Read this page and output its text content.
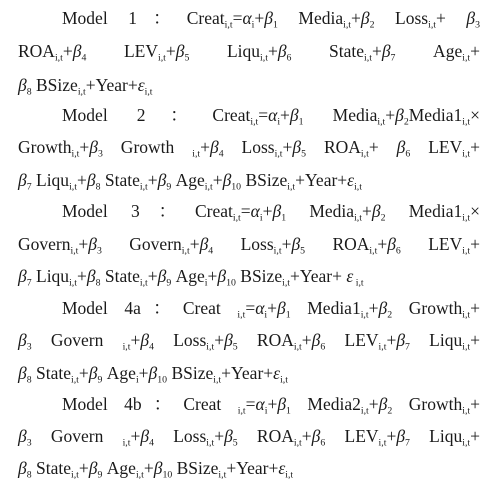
Model 1：$Creat_{i,t}=\alpha_i+\beta_1$ $Media_{i,t}+\beta_2$ Loss$_{i,t}$+ $\beta_3$
$ROA_{i,t}+\beta_4$ $LEV_{i,t}+\beta_5$ $Liqu_{i,t}+\beta_6$ $State_{i,t}+\beta_7$ Age$_{i,t}$+
$\beta_8$ $BSize_{i,t}+Year+\varepsilon_{i,t}$
Model 2：$Creat_{i,t}=\alpha_i+\beta_1$ $Media_{i,t}+\beta_2Media1_{i,t}\times$
$Growth_{i,t}+\beta_3$ Growth $_{i,t}+\beta_4$ $Loss_{i,t}+\beta_5$ $ROA_{i,t}+ \beta_6$ $LEV_{i,t}+$
$\beta_7$ $Liqu_{i,t}+\beta_8$ $State_{i,t}+\beta_9$ $Age_{i,t}+\beta_{10}$ $BSize_{i,t}+Year+\varepsilon_{i,t}$
Model 3：$Creat_{i,t}=\alpha_i+\beta_1$ $Media_{i,t}+\beta_2$ $Media1_{i,t}\times$
$Govern_{i,t}+\beta_3$ $Govern_{i,t}+\beta_4$ $Loss_{i,t}+\beta_5$ $ROA_{i,t}+\beta_6$ $LEV_{i,t}+$
$\beta_7$ $Liqu_{i,t}+\beta_8$ $State_{i,t}+\beta_9$ $Age_i+\beta_{10}$ BSize$_{i,t}$+Year+ ε $_{i,t}$
Model 4a：Creat $_{i,t}=\alpha_i+\beta_1$ $Media1_{i,t}+\beta_2$ Growth$_{i,t}$+
$\beta_3$ Govern $_{i,t}+\beta_4$ $Loss_{i,t}+\beta_5$ $ROA_{i,t}+\beta_6$ $LEV_{i,t}+\beta_7$ Liqu$_{i,t}$+
$\beta_8$ $State_{i,t}+\beta_9$ $Age_i+\beta_{10}$ $BSize_{i,t}+Year+\varepsilon_{i,t}$
Model 4b：Creat $_{i,t}=\alpha_i+\beta_1$ $Media2_{i,t}+\beta_2$ Growth$_{i,t}$+
$\beta_3$ Govern $_{i,t}+\beta_4$ $Loss_{i,t}+\beta_5$ $ROA_{i,t}+\beta_6$ $LEV_{i,t}+\beta_7$ Liqu$_{i,t}$+
$\beta_8$ $State_{i,t}+\beta_9$ $Age_{i,t}+\beta_{10}$ $BSize_{i,t}+Year+\varepsilon_{i,t}$
